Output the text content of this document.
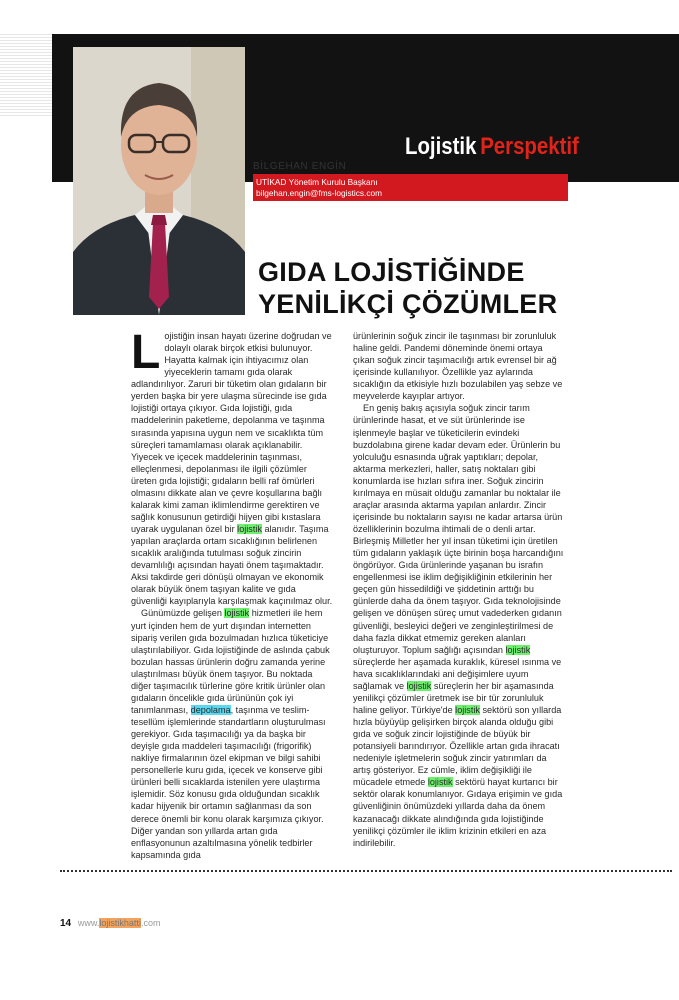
Lojistik Perspektif
BİLGEHAN ENGİN
UTİKAD Yönetim Kurulu Başkanı
bilgehan.engin@fms-logistics.com
GIDA LOJİSTİĞİNDE
YENİLİKÇİ ÇÖZÜMLER

Lojistiğin insan hayatı üzerine doğrudan ve dolaylı olarak birçok etkisi bulunuyor. Hayatta kalmak için ihtiyacımız olan yiyeceklerin tamamı gıda olarak adlandırılıyor. Zaruri bir tüketim olan gıdaların bir yerden başka bir yere ulaşma sürecinde ise gıda lojistiği ortaya çıkıyor. Gıda lojistiği, gıda maddelerinin paketleme, depolanma ve taşınma sırasında yapısına uygun nem ve sıcaklıkta tüm süreçleri tamamlaması olarak açıklanabilir. Yiyecek ve içecek maddelerinin taşınması, elleçlenmesi, depolanması ile ilgili çözümler üreten gıda lojistiği; gıdaların belli raf ömürleri olmasını dikkate alan ve çevre koşullarına bağlı kalarak kimi zaman iklimlendirme gerektiren ve sağlık konusunun getirdiği hijyen gibi kıstaslara uyarak uygulanan özel bir lojistik alanıdır. Taşıma yapılan araçlarda ortam sıcaklığının belirlenen sıcaklık aralığında tutulması soğuk zincirin devamlılığı açısından hayati önem taşımaktadır. Aksi takdirde geri dönüşü olmayan ve ekonomik olarak büyük önem taşıyan kalite ve gıda güvenliği kayıplarıyla karşılaşmak kaçınılmaz olur.

Günümüzde gelişen lojistik hizmetleri ile hem yurt içinden hem de yurt dışından internetten sipariş verilen gıda bozulmadan hızlıca tüketiciye ulaştırılabiliyor. Gıda lojistiğinde de aslında çabuk bozulan hassas ürünlerin doğru zamanda yerine ulaştırılması büyük önem taşıyor. Bu noktada diğer taşımacılık türlerine göre kritik ürünler olan gıdaların öncelikle gıda ürününün çok iyi tanımlanması, depolama, taşınma ve teslim-tesellüm işlemlerinde standartların oluşturulması gerekiyor. Gıda taşımacılığı ya da başka bir deyişle gıda maddeleri taşımacılığı (frigorifik) nakliye firmalarının özel ekipman ve bilgi sahibi personellerle kuru gıda, içecek ve konserve gibi ürünleri belli sıcaklarda istenilen yere ulaştırma işlemidir. Söz konusu gıda olduğundan sıcaklık kadar hijyenik bir ortamın sağlanması da son derece önemli bir konu olarak karşımıza çıkıyor. Diğer yandan son yıllarda artan gıda enflasyonunun azaltılmasına yönelik tedbirler kapsamında gıda

ürünlerinin soğuk zincir ile taşınması bir zorunluluk haline geldi. Pandemi döneminde önemi ortaya çıkan soğuk zincir taşımacılığı artık evrensel bir ağ içerisinde kullanılıyor. Özellikle yaz aylarında sıcaklığın da etkisiyle hızlı bozulabilen yaş sebze ve meyvelerde kayıplar artıyor.

En geniş bakış açısıyla soğuk zincir tarım ürünlerinde hasat, et ve süt ürünlerinde ise işlenmeyle başlar ve tüketicilerin evindeki buzdolabına girene kadar devam eder. Ürünlerin bu yolculuğu esnasında uğrak yaptıkları; depolar, aktarma merkezleri, haller, satış noktaları gibi konumlarda ise hızları sıfıra iner. Soğuk zincirin kırılmaya en müsait olduğu zamanlar bu noktalar ile araçlar arasında aktarma yapılan anlardır. Zincir içerisinde bu noktaların sayısı ne kadar artarsa ürün özelliklerinin bozulma ihtimali de o denli artar. Birleşmiş Milletler her yıl insan tüketimi için üretilen tüm gıdaların yaklaşık üçte birinin boşa harcandığını öngörüyor. Gıda ürünlerinde yaşanan bu israfın engellenmesi ise iklim değişikliğinin etkilerinin her geçen gün hissedildiği ve şiddetinin arttığı bu günlerde daha da önem taşıyor. Gıda teknolojisinde gelişen ve dönüşen süreç umut vadederken gıdanın güvenliği, besleyici değeri ve zenginleştirilmesi de daha fazla dikkat etmemiz gereken alanları oluşturuyor. Toplum sağlığı açısından lojistik süreçlerde her aşamada kuraklık, küresel ısınma ve hava sıcaklıklarındaki ani değişimlere uyum sağlamak ve lojistik süreçlerin her bir aşamasında yenilikçi çözümler üretmek ise bir tür zorunluluk haline geliyor. Türkiye'de lojistik sektörü son yıllarda hızla büyüyüp gelişirken birçok alanda olduğu gibi gıda ve soğuk zincir lojistiğinde de büyük bir potansiyeli barındırıyor. Özellikle artan gıda ihracatı nedeniyle işletmelerin soğuk zincir yatırımları da artış gösteriyor. Ez cümle, iklim değişikliği ile mücadele etmede lojistik sektörü hayat kurtarıcı bir sektör olarak konumlanıyor. Gıdaya erişimin ve gıda güvenliğinin önümüzdeki yıllarda daha da önem kazanacağı dikkate alındığında gıda lojistiğinde yenilikçi çözümler ile iklim krizinin etkileri en aza indirilebilir.

14 www.lojistikhatti.com
